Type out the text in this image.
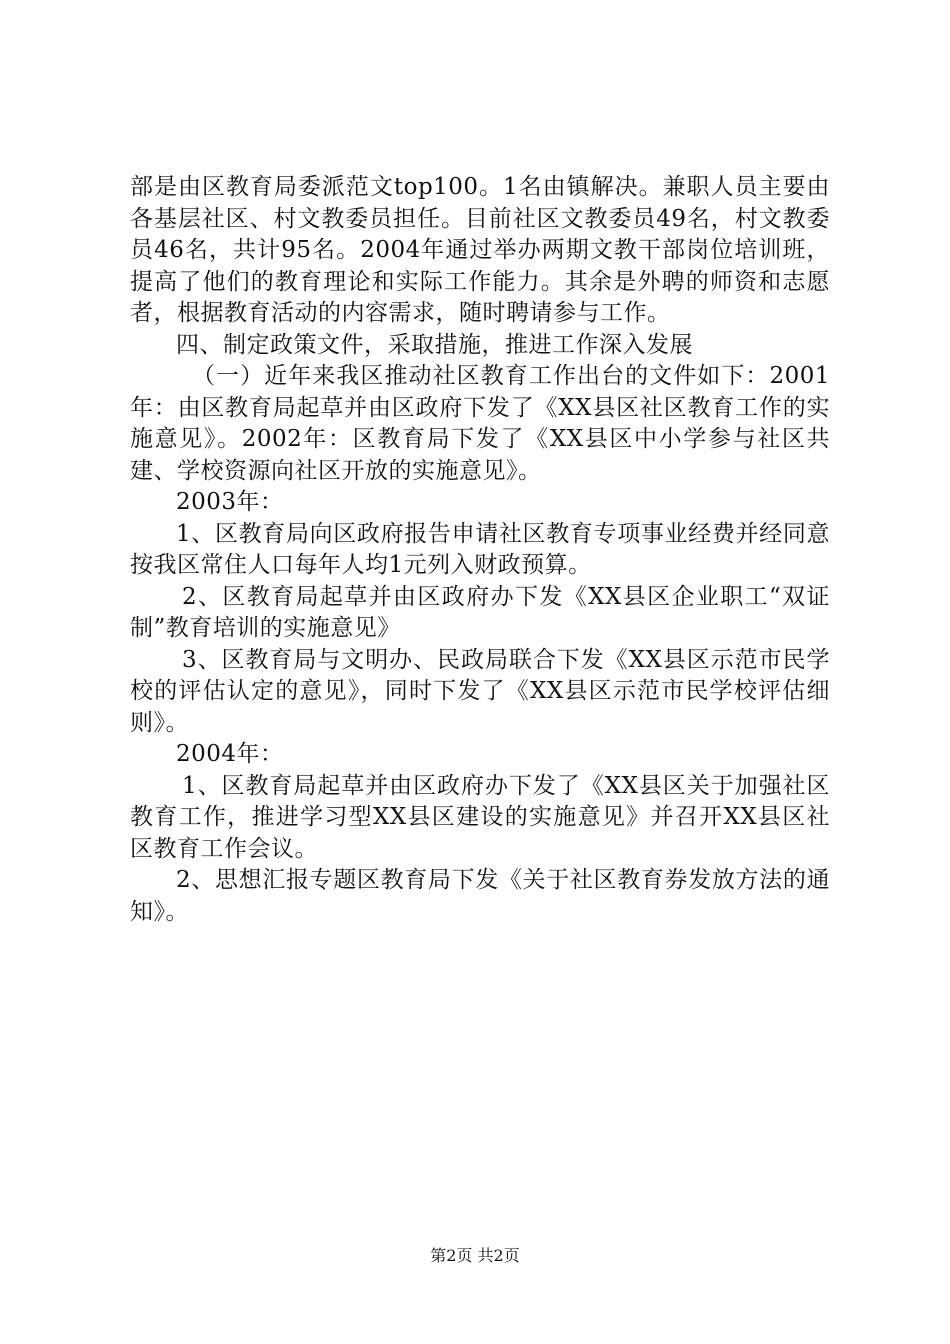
部是由区教育局委派范文top100。1名由镇解决。兼职人员主要由各基层社区、村文教委员担任。目前社区文教委员49名，村文教委员46名，共计95名。2004年通过举办两期文教干部岗位培训班，提高了他们的教育理论和实际工作能力。其余是外聘的师资和志愿者，根据教育活动的内容需求，随时聘请参与工作。

四、制定政策文件，采取措施，推进工作深入发展

（一）近年来我区推动社区教育工作出台的文件如下：2001年：由区教育局起草并由区政府下发了《XX县区社区教育工作的实施意见》。2002年：区教育局下发了《XX县区中小学参与社区共建、学校资源向社区开放的实施意见》。

2003年：

1、区教育局向区政府报告申请社区教育专项事业经费并经同意按我区常住人口每年人均1元列入财政预算。

2、区教育局起草并由区政府办下发《XX县区企业职工“双证制”教育培训的实施意见》

3、区教育局与文明办、民政局联合下发《XX县区示范市民学校的评估认定的意见》，同时下发了《XX县区示范市民学校评估细则》。

2004年：

1、区教育局起草并由区政府办下发了《XX县区关于加强社区教育工作，推进学习型XX县区建设的实施意见》并召开XX县区社区教育工作会议。

2、思想汇报专题区教育局下发《关于社区教育券发放方法的通知》。

第2页 共2页
